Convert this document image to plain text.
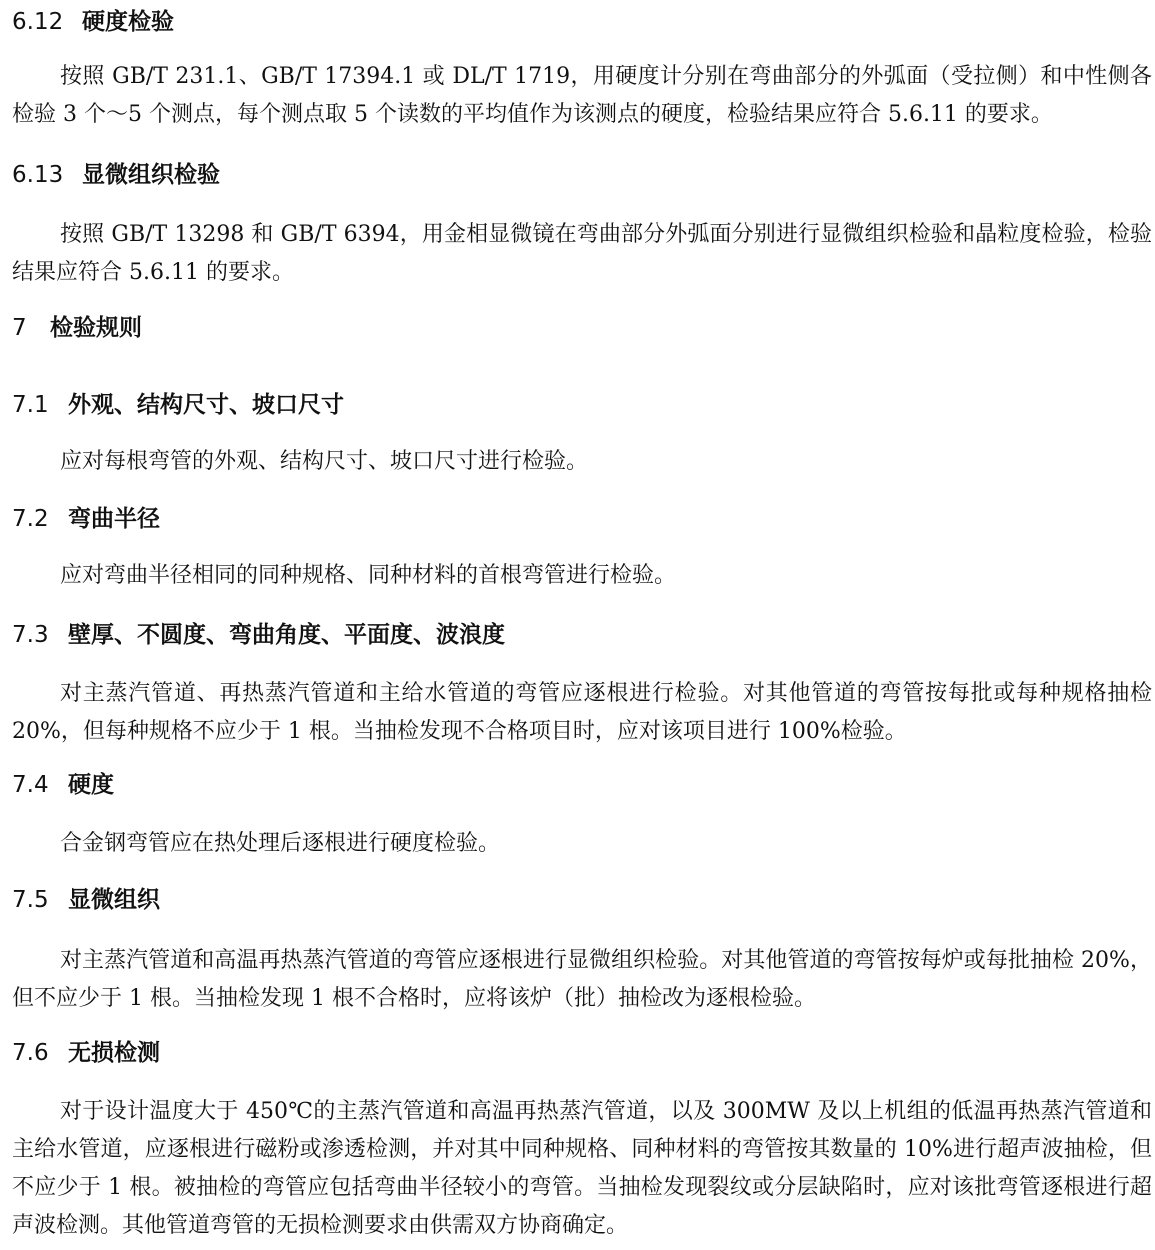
6.12 硬度检验

按照 GB/T 231.1、GB/T 17394.1 或 DL/T 1719，用硬度计分别在弯曲部分的外弧面（受拉侧）和中性侧各检验 3 个～5 个测点，每个测点取 5 个读数的平均值作为该测点的硬度，检验结果应符合 5.6.11 的要求。

6.13 显微组织检验

按照 GB/T 13298 和 GB/T 6394，用金相显微镜在弯曲部分外弧面分别进行显微组织检验和晶粒度检验，检验结果应符合 5.6.11 的要求。

7 检验规则
7.1 外观、结构尺寸、坡口尺寸

应对每根弯管的外观、结构尺寸、坡口尺寸进行检验。

7.2 弯曲半径

应对弯曲半径相同的同种规格、同种材料的首根弯管进行检验。

7.3 壁厚、不圆度、弯曲角度、平面度、波浪度

对主蒸汽管道、再热蒸汽管道和主给水管道的弯管应逐根进行检验。对其他管道的弯管按每批或每种规格抽检 20%，但每种规格不应少于 1 根。当抽检发现不合格项目时，应对该项目进行 100%检验。

7.4 硬度

合金钢弯管应在热处理后逐根进行硬度检验。

7.5 显微组织

对主蒸汽管道和高温再热蒸汽管道的弯管应逐根进行显微组织检验。对其他管道的弯管按每炉或每批抽检 20%，但不应少于 1 根。当抽检发现 1 根不合格时，应将该炉（批）抽检改为逐根检验。

7.6 无损检测

对于设计温度大于 450℃的主蒸汽管道和高温再热蒸汽管道，以及 300MW 及以上机组的低温再热蒸汽管道和主给水管道，应逐根进行磁粉或渗透检测，并对其中同种规格、同种材料的弯管按其数量的 10%进行超声波抽检，但不应少于 1 根。被抽检的弯管应包括弯曲半径较小的弯管。当抽检发现裂纹或分层缺陷时，应对该批弯管逐根进行超声波检测。其他管道弯管的无损检测要求由供需双方协商确定。
